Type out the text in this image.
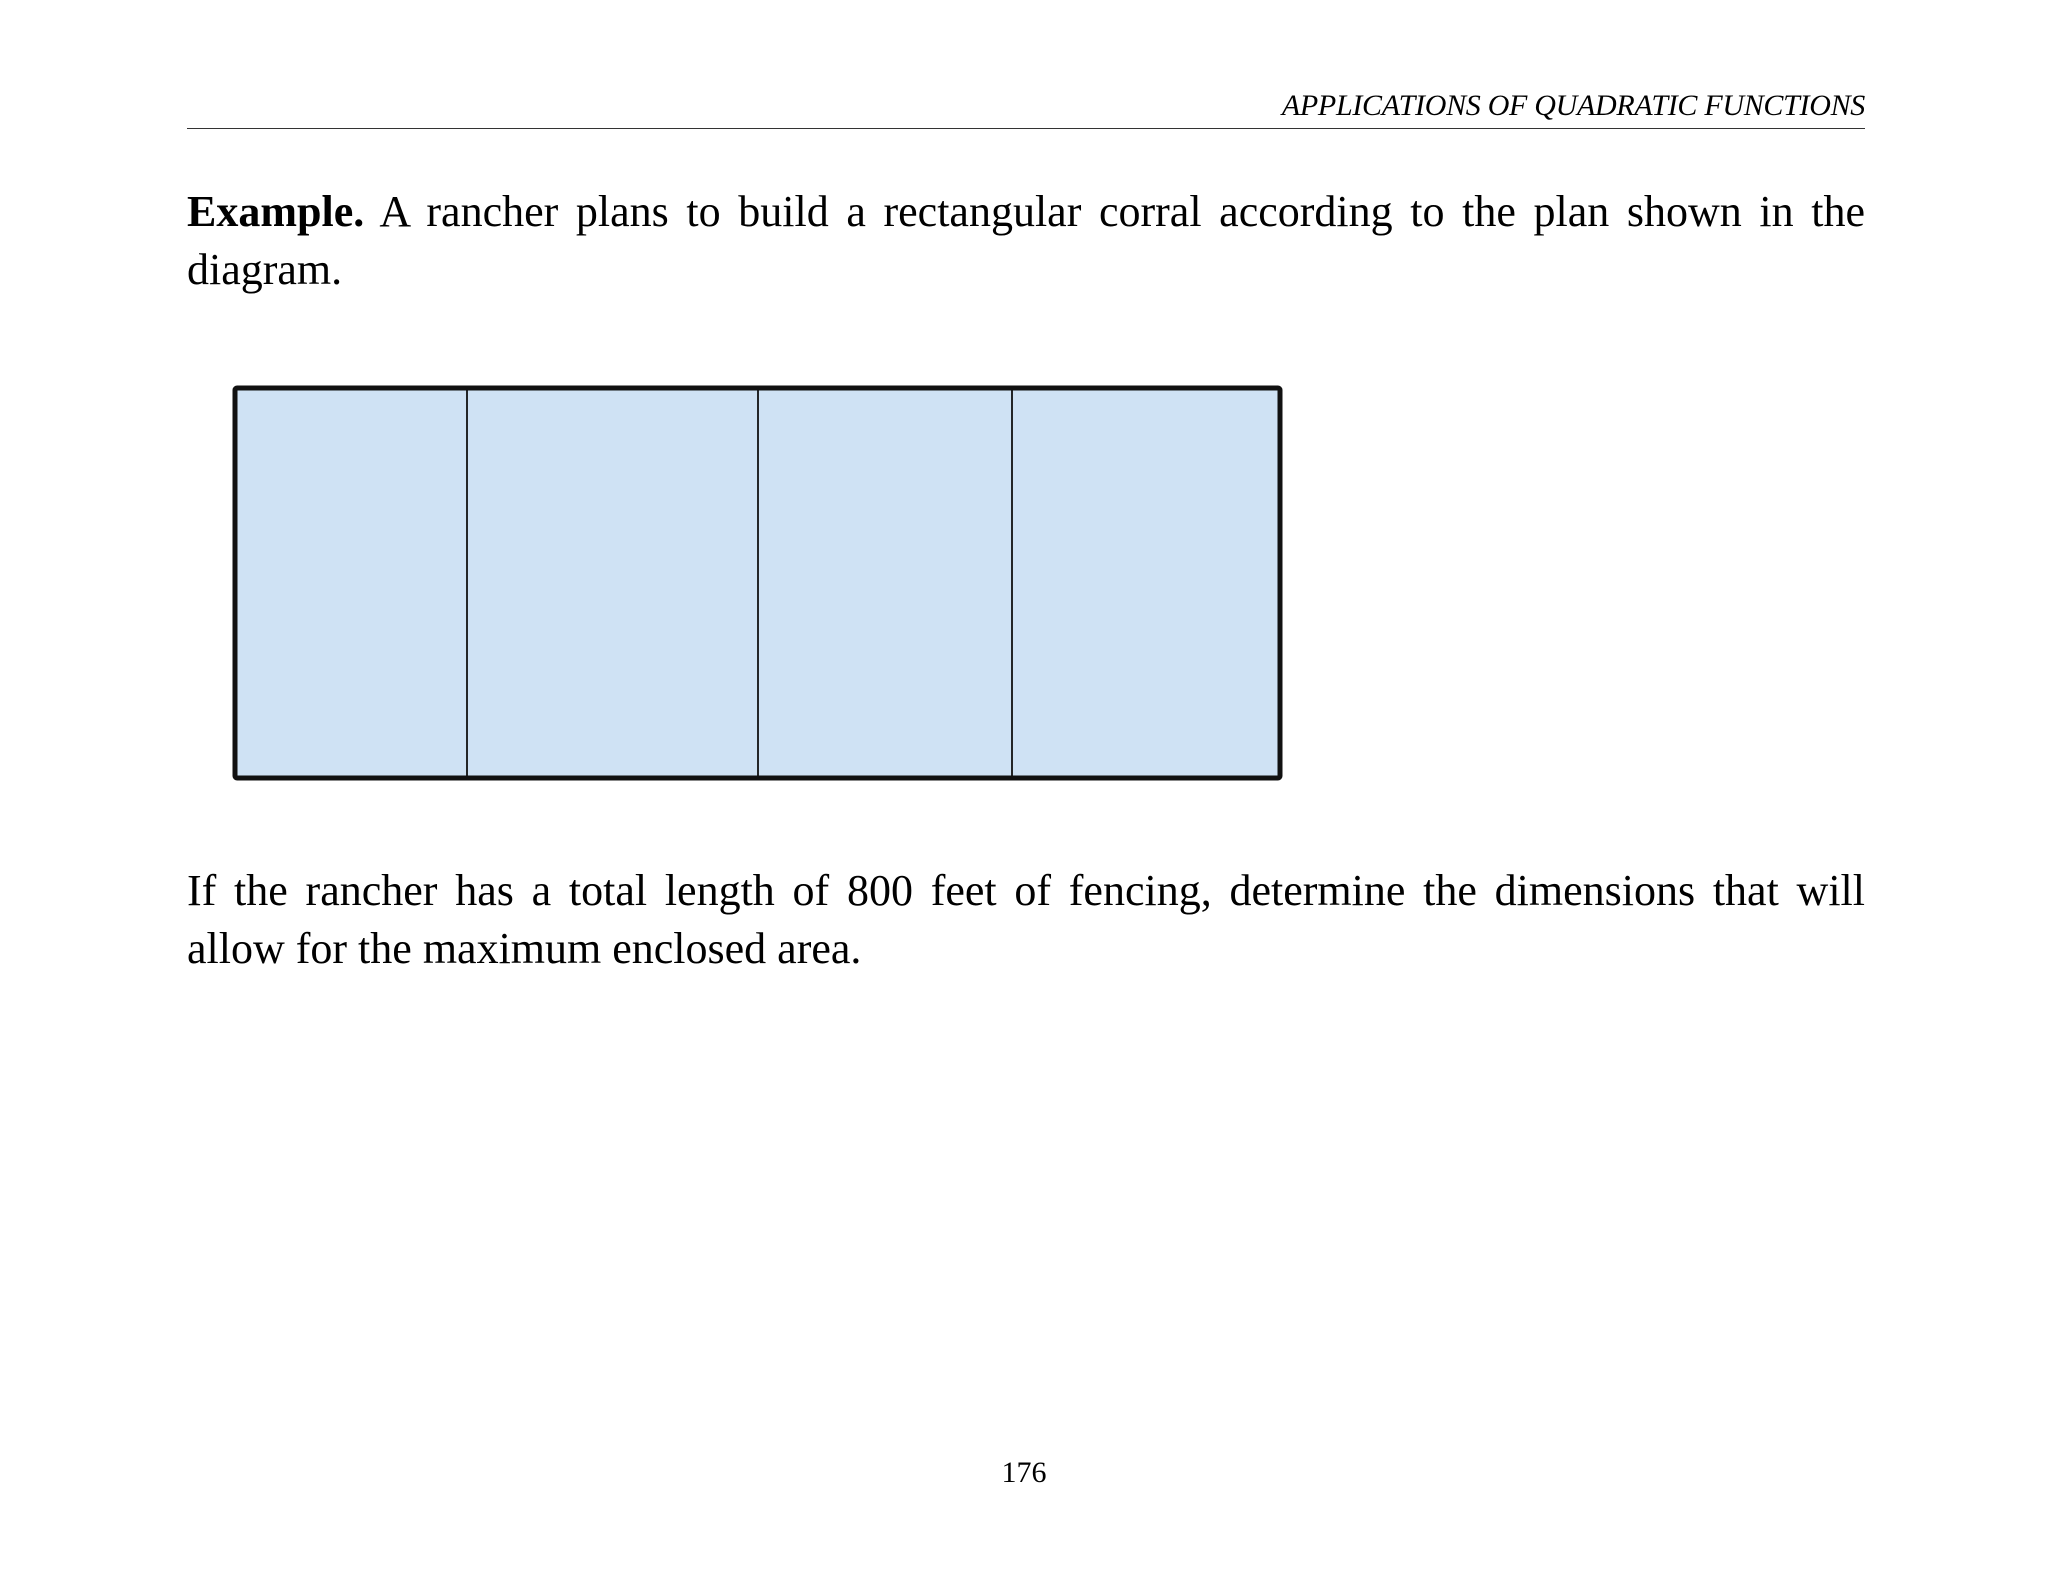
APPLICATIONS OF QUADRATIC FUNCTIONS
Example. A rancher plans to build a rectangular corral according to the plan shown in the diagram.
If the rancher has a total length of 800 feet of fencing, determine the dimensions that will allow for the maximum enclosed area.
176
